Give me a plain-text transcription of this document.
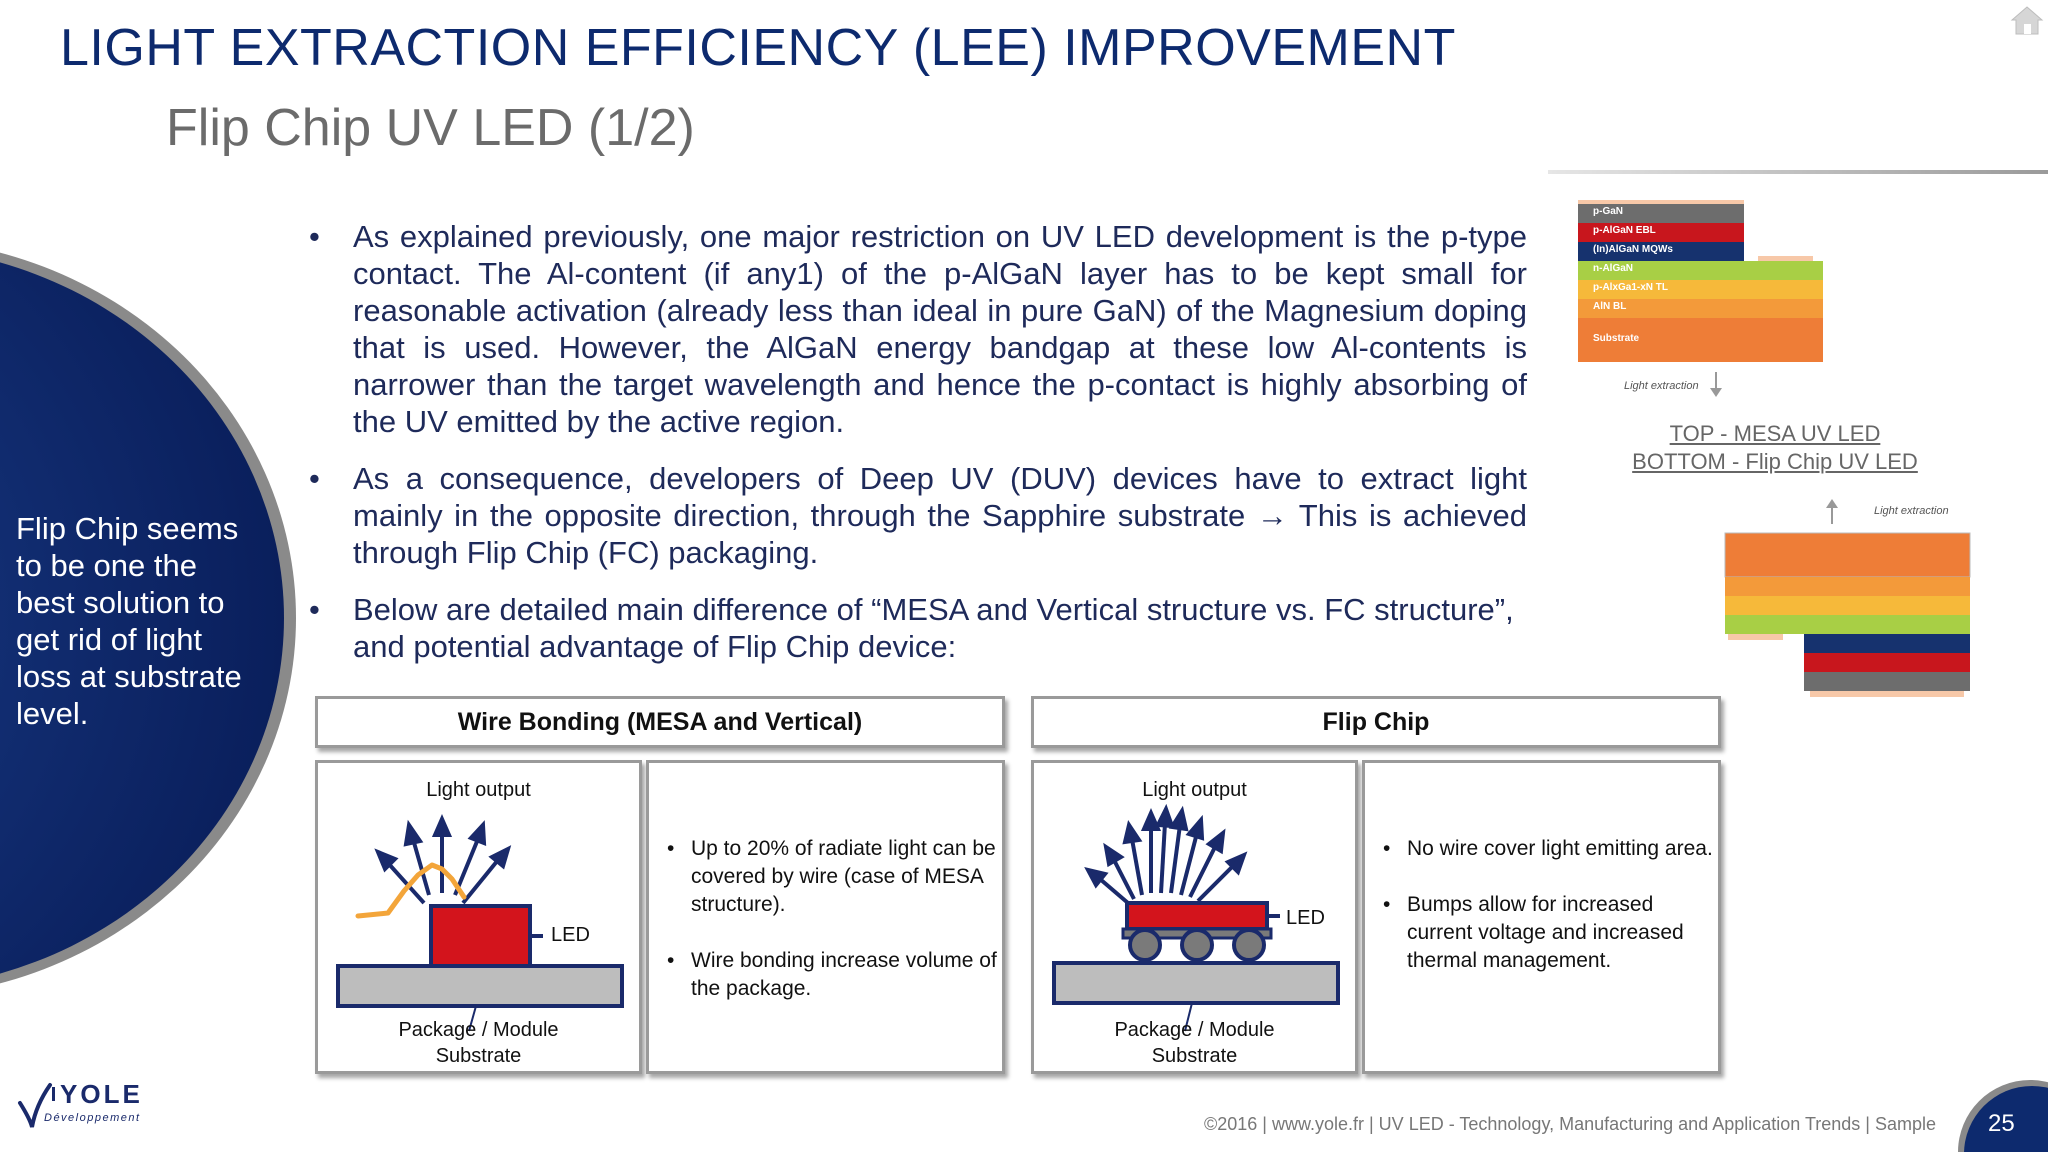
LIGHT EXTRACTION EFFICIENCY (LEE) IMPROVEMENT
Flip Chip UV LED (1/2)
Flip Chip seems to be one the best solution to get rid of light loss at substrate level.
• As explained previously, one major restriction on UV LED development is the p-type contact. The Al-content (if any1) of the p-AlGaN layer has to be kept small for reasonable activation (already less than ideal in pure GaN) of the Magnesium doping that is used. However, the AlGaN energy bandgap at these low Al-contents is narrower than the target wavelength and hence the p-contact is highly absorbing of the UV emitted by the active region.
• As a consequence, developers of Deep UV (DUV) devices have to extract light mainly in the opposite direction, through the Sapphire substrate → This is achieved through Flip Chip (FC) packaging.
• Below are detailed main difference of “MESA and Vertical structure vs. FC structure”, and potential advantage of Flip Chip device:
Wire Bonding (MESA and Vertical)	Flip Chip
Light output
LED
Package / Module
Substrate
• Up to 20% of radiate light can be covered by wire (case of MESA structure).
• Wire bonding increase volume of the package.
Light output
LED
Package / Module
Substrate
• No wire cover light emitting area.
• Bumps allow for increased current voltage and increased thermal management.
p-GaN
p-AlGaN EBL
(In)AlGaN MQWs
n-AlGaN
p-AlxGa1-xN TL
AlN BL
Substrate
Light extraction
TOP - MESA UV LED
BOTTOM - Flip Chip UV LED
Light extraction
YOLE
Développement	©2016 | www.yole.fr | UV LED - Technology, Manufacturing and Application Trends | Sample 25
